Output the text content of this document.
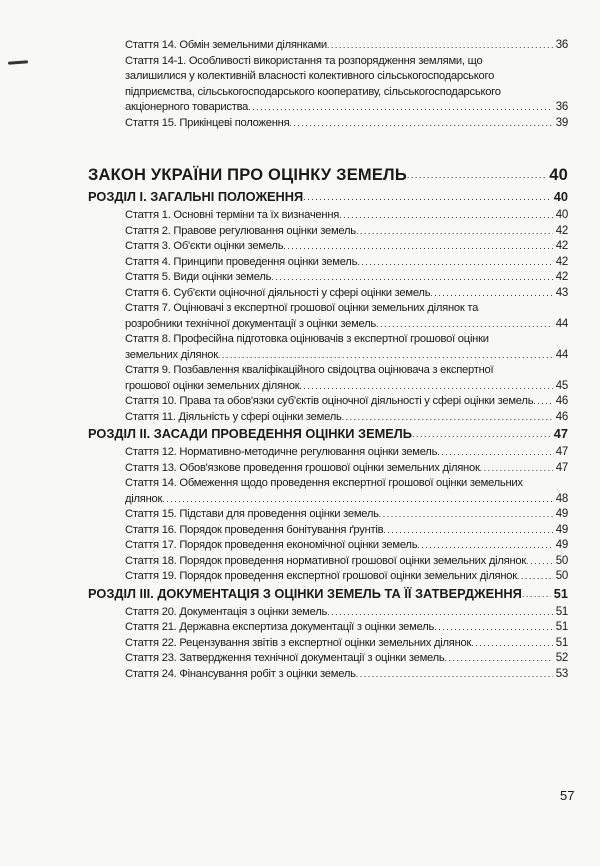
Стаття 14. Обмін земельними ділянками . . .	36
Стаття 14-1. Особливості використання та розпорядження землями, що залишилися у колективній власності колективного сільськогосподарського підприємства, сільськогосподарського кооперативу, сільськогосподарського акціонерного товариства . . .	36
Стаття 15. Прикінцеві положення . . .	39
ЗАКОН УКРАЇНИ ПРО ОЦІНКУ ЗЕМЕЛЬ . . .	40
РОЗДІЛ І. ЗАГАЛЬНІ ПОЛОЖЕННЯ . . .	40
Стаття 1. Основні терміни та їх визначення . . .	40
Стаття 2. Правове регулювання оцінки земель . . .	42
Стаття 3. Об'єкти оцінки земель . . .	42
Стаття 4. Принципи проведення оцінки земель . . .	42
Стаття 5. Види оцінки земель . . .	42
Стаття 6. Суб'єкти оціночної діяльності у сфері оцінки земель . . .	43
Стаття 7. Оцінювачі з експертної грошової оцінки земельних ділянок та розробники технічної документації з оцінки земель . . .	44
Стаття 8. Професійна підготовка оцінювачів з експертної грошової оцінки земельних ділянок . . .	44
Стаття 9. Позбавлення кваліфікаційного свідоцтва оцінювача з експертної грошової оцінки земельних ділянок . . .	45
Стаття 10. Права та обов'язки суб'єктів оціночної діяльності у сфері оцінки земель . . . 46
Стаття 11. Діяльність у сфері оцінки земель . . .	46
РОЗДІЛ ІІ. ЗАСАДИ ПРОВЕДЕННЯ ОЦІНКИ ЗЕМЕЛЬ . . .	47
Стаття 12. Нормативно-методичне регулювання оцінки земель . . .	47
Стаття 13. Обов'язкове проведення грошової оцінки земельних ділянок . . .	47
Стаття 14. Обмеження щодо проведення експертної грошової оцінки земельних ділянок . . .	48
Стаття 15. Підстави для проведення оцінки земель . . .	49
Стаття 16. Порядок проведення бонітування ґрунтів . . .	49
Стаття 17. Порядок проведення економічної оцінки земель . . .	49
Стаття 18. Порядок проведення нормативної грошової оцінки земельних ділянок . . .	50
Стаття 19. Порядок проведення експертної грошової оцінки земельних ділянок . . .	50
РОЗДІЛ ІІІ. ДОКУМЕНТАЦІЯ З ОЦІНКИ ЗЕМЕЛЬ ТА ЇЇ ЗАТВЕРДЖЕННЯ . . . 51
Стаття 20. Документація з оцінки земель . . .	51
Стаття 21. Державна експертиза документації з оцінки земель . . .	51
Стаття 22. Рецензування звітів з експертної оцінки земельних ділянок . . .	51
Стаття 23. Затвердження технічної документації з оцінки земель . . .	52
Стаття 24. Фінансування робіт з оцінки земель . . .	53
57
